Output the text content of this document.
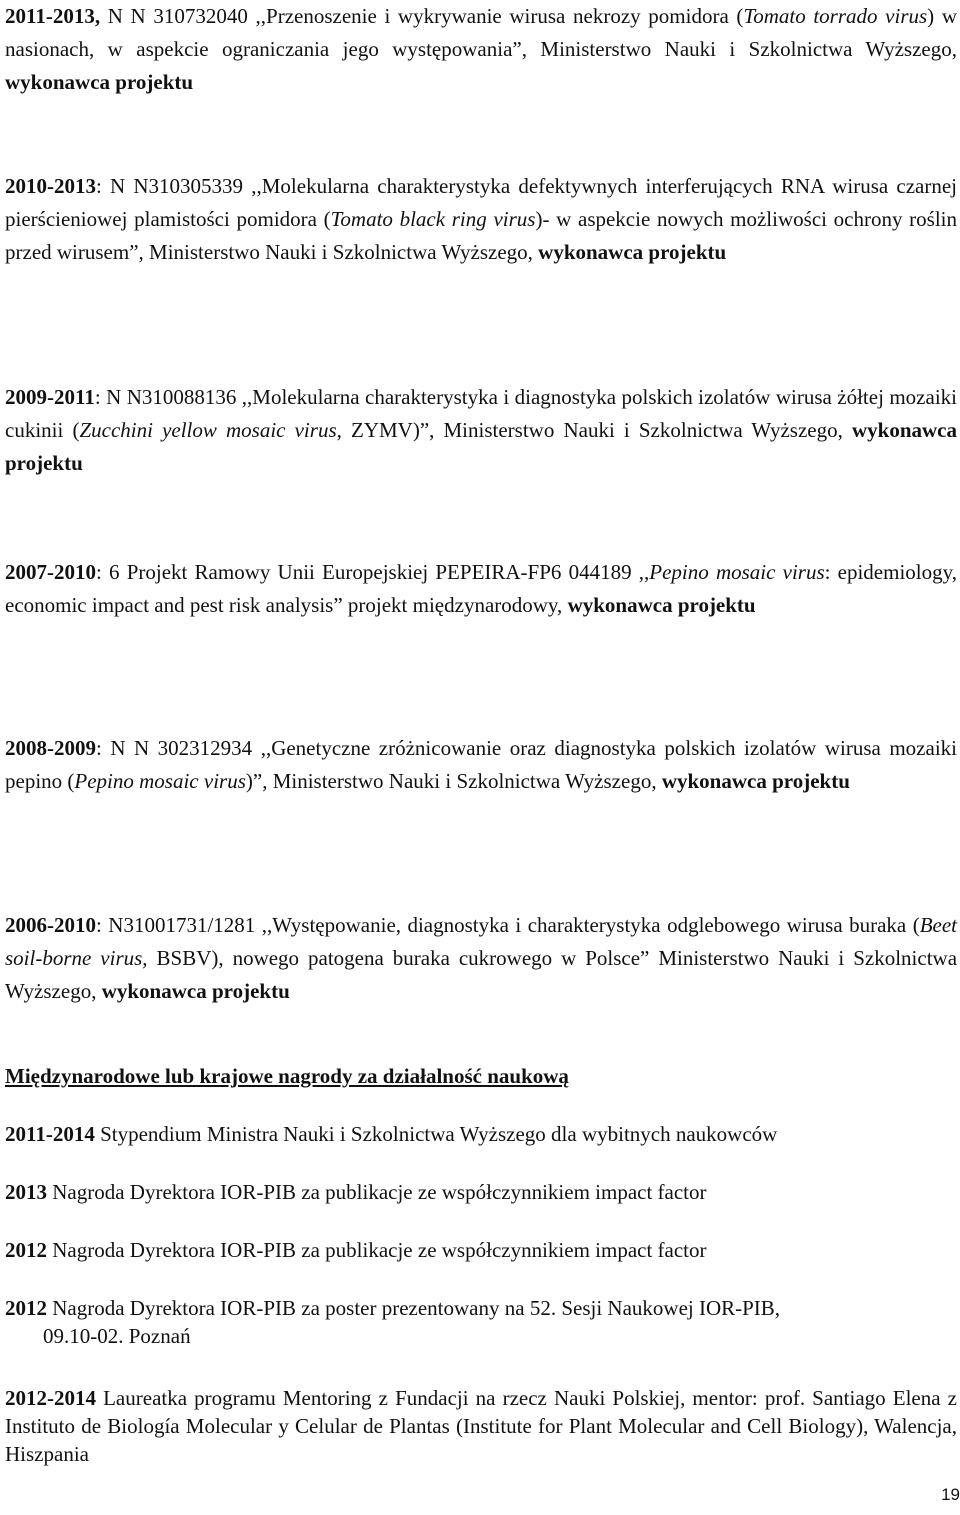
2011-2013, N N 310732040 ,,Przenoszenie i wykrywanie wirusa nekrozy pomidora (Tomato torrado virus) w nasionach, w aspekcie ograniczania jego występowania”, Ministerstwo Nauki i Szkolnictwa Wyższego, wykonawca projektu
2010-2013: N N310305339 ,,Molekularna charakterystyka defektywnych interferujących RNA wirusa czarnej pierścieniowej plamistości pomidora (Tomato black ring virus)- w aspekcie nowych możliwości ochrony roślin przed wirusem”, Ministerstwo Nauki i Szkolnictwa Wyższego, wykonawca projektu
2009-2011: N N310088136 ,,Molekularna charakterystyka i diagnostyka polskich izolatów wirusa żółtej mozaiki cukinii (Zucchini yellow mosaic virus, ZYMV)”, Ministerstwo Nauki i Szkolnictwa Wyższego, wykonawca projektu
2007-2010: 6 Projekt Ramowy Unii Europejskiej PEPEIRA-FP6 044189 ,,Pepino mosaic virus: epidemiology, economic impact and pest risk analysis” projekt międzynarodowy, wykonawca projektu
2008-2009: N N 302312934 ,,Genetyczne zróżnicowanie oraz diagnostyka polskich izolatów wirusa mozaiki pepino (Pepino mosaic virus)”, Ministerstwo Nauki i Szkolnictwa Wyższego, wykonawca projektu
2006-2010: N31001731/1281 ,,Występowanie, diagnostyka i charakterystyka odglebowego wirusa buraka (Beet soil-borne virus, BSBV), nowego patogena buraka cukrowego w Polsce” Ministerstwo Nauki i Szkolnictwa Wyższego, wykonawca projektu
Międzynarodowe lub krajowe nagrody za działalność naukową
2011-2014 Stypendium Ministra Nauki i Szkolnictwa Wyższego dla wybitnych naukowców
2013 Nagroda Dyrektora IOR-PIB za publikacje ze współczynnikiem impact factor
2012 Nagroda Dyrektora IOR-PIB za publikacje ze współczynnikiem impact factor
2012 Nagroda Dyrektora IOR-PIB za poster prezentowany na 52. Sesji Naukowej IOR-PIB,
09.10-02. Poznań
2012-2014 Laureatka programu Mentoring z Fundacji na rzecz Nauki Polskiej, mentor: prof. Santiago Elena z Instituto de Biología Molecular y Celular de Plantas (Institute for Plant Molecular and Cell Biology), Walencja, Hiszpania
19
